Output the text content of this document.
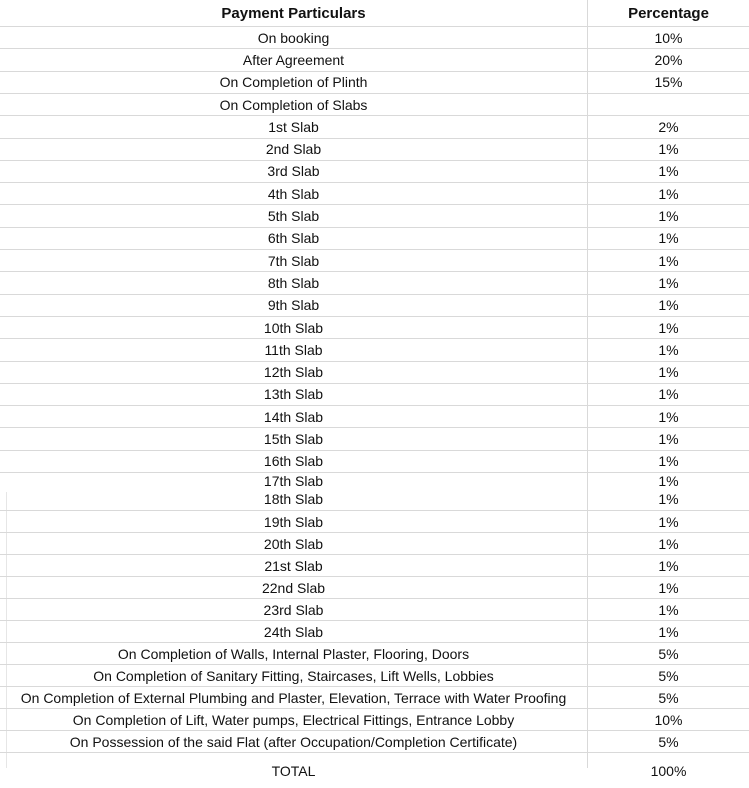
Payment Particulars	Percentage
On booking	10%
After Agreement	20%
On Completion of Plinth	15%
On Completion of Slabs
1st Slab	2%
2nd Slab	1%
3rd Slab	1%
4th Slab	1%
5th Slab	1%
6th Slab	1%
7th Slab	1%
8th Slab	1%
9th Slab	1%
10th Slab	1%
11th Slab	1%
12th Slab	1%
13th Slab	1%
14th Slab	1%
15th Slab	1%
16th Slab	1%
17th Slab	1%
18th Slab	1%
19th Slab	1%
20th Slab	1%
21st Slab	1%
22nd Slab	1%
23rd Slab	1%
24th Slab	1%
On Completion of Walls, Internal Plaster, Flooring, Doors	5%
On Completion of Sanitary Fitting, Staircases, Lift Wells, Lobbies	5%
On Completion of External Plumbing and Plaster, Elevation, Terrace with Water Proofing	5%
On Completion of Lift, Water pumps, Electrical Fittings, Entrance Lobby	10%
On Possession of the said Flat (after Occupation/Completion Certificate)	5%
TOTAL	100%
